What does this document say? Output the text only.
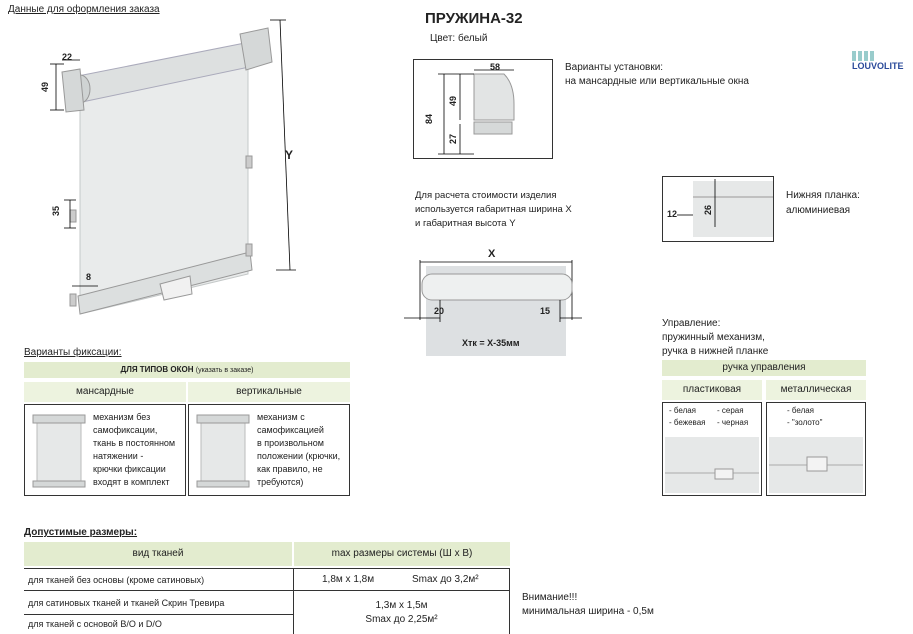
Данные для оформления заказа
22
49
35
8
Y
ПРУЖИНА-32
Цвет: белый
LOUVOLITE
58
84
49
27
Варианты установки:
на мансардные или вертикальные окна
Для расчета стоимости изделия
используется габаритная ширина X
и габаритная высота Y
X
20	15
Xтк = X-35мм
12	26
Нижняя планка:
алюминиевая
Управление:
пружинный механизм,
ручка в нижней планке
ручка управления
пластиковая	металлическая
- белая	- серая
- бежевая - черная
- белая
- "золото"
Варианты фиксации:
ДЛЯ ТИПОВ ОКОН (указать в заказе)
мансардные	вертикальные
механизм без
самофиксации,
ткань в постоянном
натяжении -
крючки фиксации
входят в комплект
механизм с
самофиксацией
в произвольном
положении (крючки,
как правило, не
требуются)
Допустимые размеры:
вид тканей	max размеры системы (Ш х В)
для тканей без основы (кроме сатиновых)	1,8м х 1,8м	Smax до 3,2м²
для сатиновых тканей и тканей Скрин Тревира	1,3м х 1,5м
Smax до 2,25м²
для тканей с основой B/O и D/O
Внимание!!!
минимальная ширина - 0,5м
